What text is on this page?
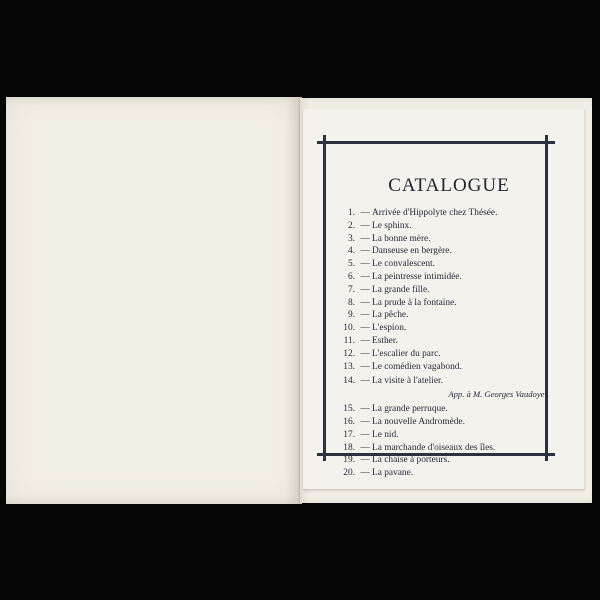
CATALOGUE
1. — Arrivée d'Hippolyte chez Thésée.
2. — Le sphinx.
3. — La bonne mère.
4. — Danseuse en bergère.
5. — Le convalescent.
6. — La peintresse intimidée.
7. — La grande fille.
8. — La prude à la fontaine.
9. — La pêche.
10. — L'espion.
11. — Esther.
12. — L'escalier du parc.
13. — Le comédien vagabond.
14. — La visite à l'atelier.
App. à M. Georges Vaudoyer.
15. — La grande perruque.
16. — La nouvelle Andromède.
17. — Le nid.
18. — La marchande d'oiseaux des îles.
19. — La chaise à porteurs.
20. — La pavane.
